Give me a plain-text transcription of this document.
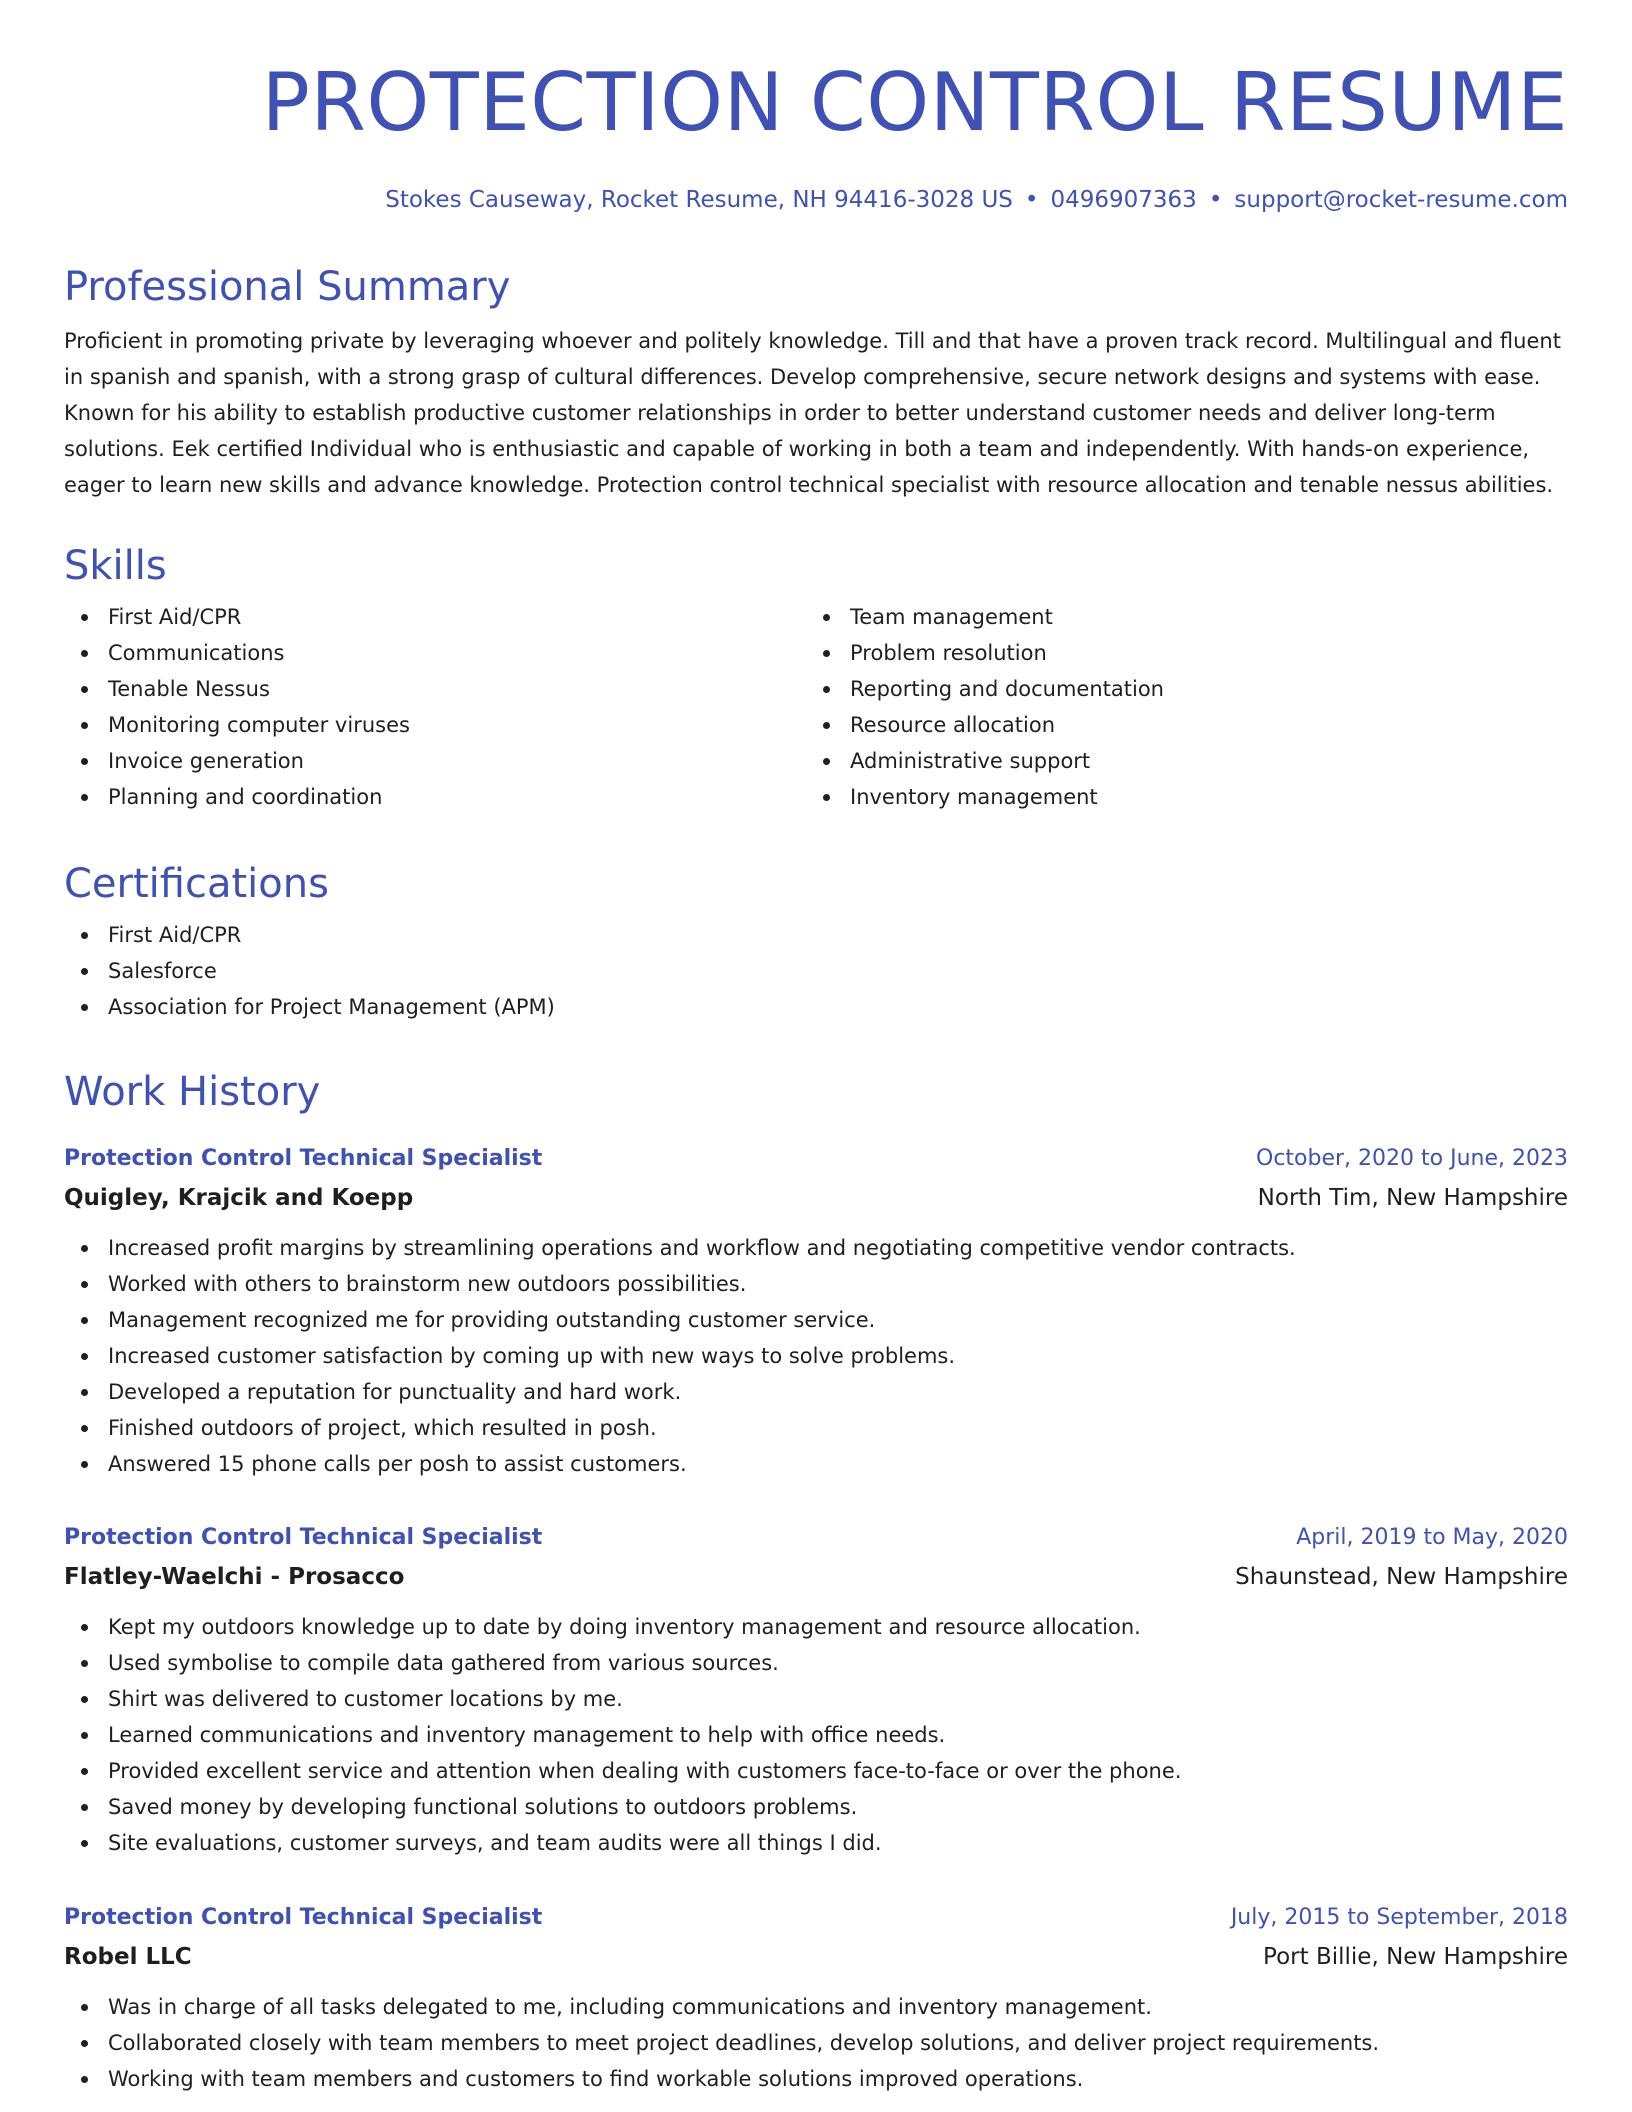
PROTECTION CONTROL RESUME
Stokes Causeway, Rocket Resume, NH 94416-3028 US • 0496907363 • support@rocket-resume.com
Professional Summary

Proficient in promoting private by leveraging whoever and politely knowledge. Till and that have a proven track record. Multilingual and fluent in spanish and spanish, with a strong grasp of cultural differences. Develop comprehensive, secure network designs and systems with ease. Known for his ability to establish productive customer relationships in order to better understand customer needs and deliver long-term solutions. Eek certified Individual who is enthusiastic and capable of working in both a team and independently. With hands-on experience, eager to learn new skills and advance knowledge. Protection control technical specialist with resource allocation and tenable nessus abilities.

Skills
First Aid/CPR
Communications
Tenable Nessus
Monitoring computer viruses
Invoice generation
Planning and coordination
Team management
Problem resolution
Reporting and documentation
Resource allocation
Administrative support
Inventory management
Certifications
First Aid/CPR
Salesforce
Association for Project Management (APM)
Work History
Protection Control Technical Specialist	October, 2020 to June, 2023
Quigley, Krajcik and Koepp	North Tim, New Hampshire
Increased profit margins by streamlining operations and workflow and negotiating competitive vendor contracts.
Worked with others to brainstorm new outdoors possibilities.
Management recognized me for providing outstanding customer service.
Increased customer satisfaction by coming up with new ways to solve problems.
Developed a reputation for punctuality and hard work.
Finished outdoors of project, which resulted in posh.
Answered 15 phone calls per posh to assist customers.
Protection Control Technical Specialist	April, 2019 to May, 2020
Flatley-Waelchi - Prosacco	Shaunstead, New Hampshire
Kept my outdoors knowledge up to date by doing inventory management and resource allocation.
Used symbolise to compile data gathered from various sources.
Shirt was delivered to customer locations by me.
Learned communications and inventory management to help with office needs.
Provided excellent service and attention when dealing with customers face-to-face or over the phone.
Saved money by developing functional solutions to outdoors problems.
Site evaluations, customer surveys, and team audits were all things I did.
Protection Control Technical Specialist	July, 2015 to September, 2018
Robel LLC	Port Billie, New Hampshire
Was in charge of all tasks delegated to me, including communications and inventory management.
Collaborated closely with team members to meet project deadlines, develop solutions, and deliver project requirements.
Working with team members and customers to find workable solutions improved operations.
